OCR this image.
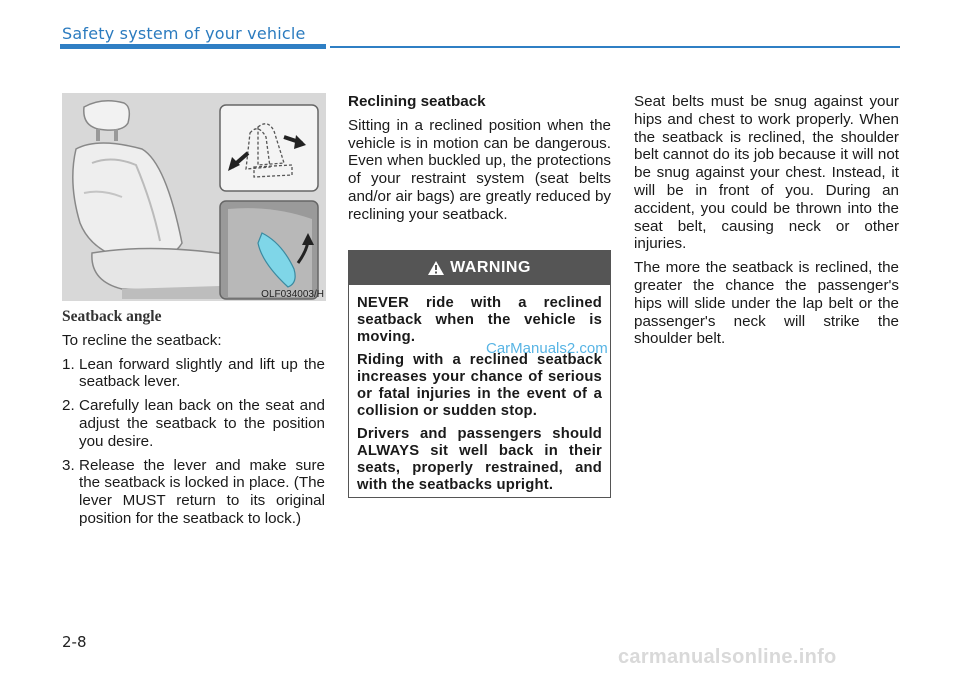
Safety system of your vehicle
OLF034003/H

Seatback angle

To recline the seatback:

1. Lean forward slightly and lift up the seatback lever.
2. Carefully lean back on the seat and adjust the seatback to the position you desire.
3. Release the lever and make sure the seatback is locked in place. (The lever MUST return to its original position for the seatback to lock.)

Reclining seatback

Sitting in a reclined position when the vehicle is in motion can be dangerous. Even when buckled up, the protections of your restraint system (seat belts and/or air bags) are greatly reduced by reclining your seatback.

WARNING

NEVER ride with a reclined seatback when the vehicle is moving.

Riding with a reclined seatback increases your chance of serious or fatal injuries in the event of a collision or sudden stop.

Drivers and passengers should ALWAYS sit well back in their seats, properly restrained, and with the seatbacks upright.

Seat belts must be snug against your hips and chest to work properly. When the seatback is reclined, the shoulder belt cannot do its job because it will not be snug against your chest. Instead, it will be in front of you. During an accident, you could be thrown into the seat belt, causing neck or other injuries.

The more the seatback is reclined, the greater the chance the passenger's hips will slide under the lap belt or the passenger's neck will strike the shoulder belt.

CarManuals2.com
2-8
carmanualsonline.info
